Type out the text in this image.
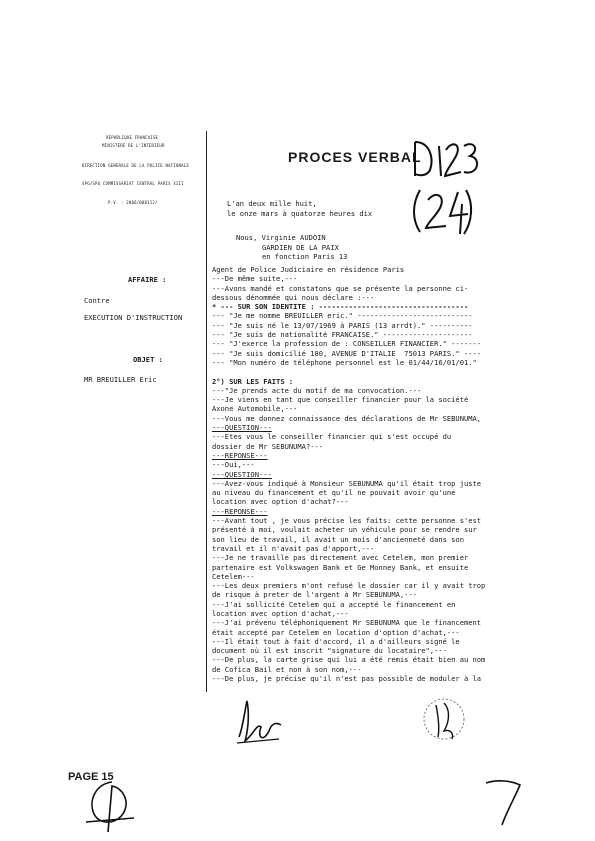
REPUBLIQUE FRANCAISE
MINISTERE DE L'INTERIEUR
DIRECTION GENERALE DE LA POLICE NATIONALE
SPG/SPQ COMMISSARIAT CENTRAL PARIS XIII
P.V. : 2006/000112/
PROCES VERBAL
L'an deux mille huit,
le onze mars à quatorze heures dix
Nous, Virginie AUDOIN
GARDIEN DE LA PAIX
en fonction Paris 13
AFFAIRE :
Contre
EXECUTION D'INSTRUCTION
OBJET :
MR BREUILLER Eric
Agent de Police Judiciaire en résidence Paris
---De même suite,---
---Avons mandé et constatons que se présente la personne ci-
dessous dénommée qui nous déclare :---
* --- SUR SON IDENTITE : -----------------------------------
--- "Je me nomme BREUILLER eric." ---------------------------
--- "Je suis né le 13/07/1969 à PARIS (13 arrdt)." ----------
--- "Je suis de nationalité FRANCAISE." ---------------------
--- "J'exerce la profession de : CONSEILLER FINANCIER." -------
--- "Je suis domicilié 180, AVENUE D'ITALIE  75013 PARIS." ----
--- "Mon numéro de téléphone personnel est le 01/44/16/01/01."
2°) SUR LES FAITS :
---"Je prends acte du motif de ma convocation.---
---Je viens en tant que conseiller financier pour la société
Axone Automobile,---
---Vous me donnez connaissance des déclarations de Mr SEBUNUMA,
---QUESTION---
---Etes vous le conseiller financier qui s'est occupé du
dossier de Mr SEBUNUMA?---
---REPONSE---
---Oui,---
---QUESTION---
---Avez-vous indiqué à Monsieur SEBUNUMA qu'il était trop juste
au niveau du financement et qu'il ne pouvait avoir qu'une
location avec option d'achat?---
---REPONSE---
---Avant tout , je vous précise les faits: cette personne s'est
présenté à moi, voulait acheter un véhicule pour se rendre sur
son lieu de travail, il avait un mois d'ancienneté dans son
travail et il n'avait pas d'apport,---
---Je ne travaille pas directement avec Cetelem, mon premier
partenaire est Volkswagen Bank et Ge Monney Bank, et ensuite
Cetelem---
---Les deux premiers m'ont refusé le dossier car il y avait trop
de risque à preter de l'argent à Mr SEBUNUMA,---
---J'ai sollicité Cetelem qui a accepté le financement en
location avec option d'achat,---
---J'ai prévenu téléphoniquement Mr SEBUNUMA que le financement
était accepté par Cetelem en location d'option d'achat,---
---Il était tout à fait d'accord, il a d'ailleurs signé le
document où il est inscrit "signature du locataire",---
---De plus, la carte grise qui lui a été remis était bien au nom
de Cofica Bail et non à son nom,---
---De plus, je précise qu'il n'est pas possible de moduler à la
PAGE 15
